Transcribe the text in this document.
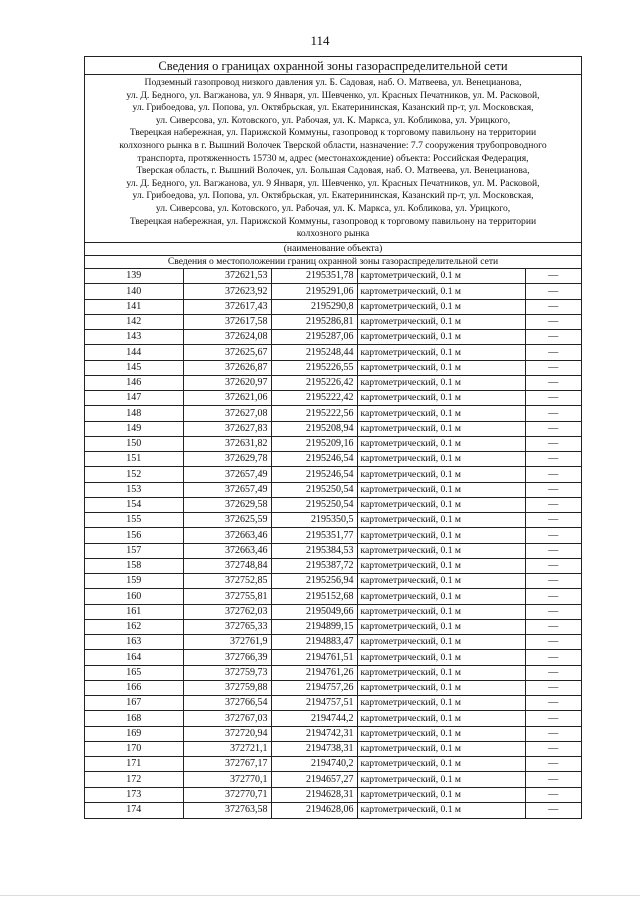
114
Сведения о границах охранной зоны газораспределительной сети

Подземный газопровод низкого давления ул. Б. Садовая, наб. О. Матвеева, ул. Венецианова,

ул. Д. Бедного, ул. Вагжанова, ул. 9 Января, ул. Шевченко, ул. Красных Печатников, ул. М. Расковой,

ул. Грибоедова, ул. Попова, ул. Октябрьская, ул. Екатерининская, Казанский пр-т, ул. Московская,

ул. Сиверсова, ул. Котовского, ул. Рабочая, ул. К. Маркса, ул. Кобликова, ул. Урицкого,

Тверецкая набережная, ул. Парижской Коммуны, газопровод к торговому павильону на территории

колхозного рынка в г. Вышний Волочек Тверской области, назначение: 7.7 сооружения трубопроводного

транспорта, протяженность 15730 м, адрес (местонахождение) объекта: Российская Федерация,

Тверская область, г. Вышний Волочек, ул. Большая Садовая, наб. О. Матвеева, ул. Венецианова,

ул. Д. Бедного, ул. Вагжанова, ул. 9 Января, ул. Шевченко, ул. Красных Печатников, ул. М. Расковой,

ул. Грибоедова, ул. Попова, ул. Октябрьская, ул. Екатерининская, Казанский пр-т, ул. Московская,

ул. Сиверсова, ул. Котовского, ул. Рабочая, ул. К. Маркса, ул. Кобликова, ул. Урицкого,

Тверецкая набережная, ул. Парижской Коммуны, газопровод к торговому павильону на территории

колхозного рынка

(наименование объекта)
Сведения о местоположении границ охранной зоны газораспределительной сети
139	372621,53	2195351,78	картометрический, 0.1 м	—
140	372623,92	2195291,06	картометрический, 0.1 м	—
141	372617,43	2195290,8	картометрический, 0.1 м	—
142	372617,58	2195286,81	картометрический, 0.1 м	—
143	372624,08	2195287,06	картометрический, 0.1 м	—
144	372625,67	2195248,44	картометрический, 0.1 м	—
145	372626,87	2195226,55	картометрический, 0.1 м	—
146	372620,97	2195226,42	картометрический, 0.1 м	—
147	372621,06	2195222,42	картометрический, 0.1 м	—
148	372627,08	2195222,56	картометрический, 0.1 м	—
149	372627,83	2195208,94	картометрический, 0.1 м	—
150	372631,82	2195209,16	картометрический, 0.1 м	—
151	372629,78	2195246,54	картометрический, 0.1 м	—
152	372657,49	2195246,54	картометрический, 0.1 м	—
153	372657,49	2195250,54	картометрический, 0.1 м	—
154	372629,58	2195250,54	картометрический, 0.1 м	—
155	372625,59	2195350,5	картометрический, 0.1 м	—
156	372663,46	2195351,77	картометрический, 0.1 м	—
157	372663,46	2195384,53	картометрический, 0.1 м	—
158	372748,84	2195387,72	картометрический, 0.1 м	—
159	372752,85	2195256,94	картометрический, 0.1 м	—
160	372755,81	2195152,68	картометрический, 0.1 м	—
161	372762,03	2195049,66	картометрический, 0.1 м	—
162	372765,33	2194899,15	картометрический, 0.1 м	—
163	372761,9	2194883,47	картометрический, 0.1 м	—
164	372766,39	2194761,51	картометрический, 0.1 м	—
165	372759,73	2194761,26	картометрический, 0.1 м	—
166	372759,88	2194757,26	картометрический, 0.1 м	—
167	372766,54	2194757,51	картометрический, 0.1 м	—
168	372767,03	2194744,2	картометрический, 0.1 м	—
169	372720,94	2194742,31	картометрический, 0.1 м	—
170	372721,1	2194738,31	картометрический, 0.1 м	—
171	372767,17	2194740,2	картометрический, 0.1 м	—
172	372770,1	2194657,27	картометрический, 0.1 м	—
173	372770,71	2194628,31	картометрический, 0.1 м	—
174	372763,58	2194628,06	картометрический, 0.1 м	—
